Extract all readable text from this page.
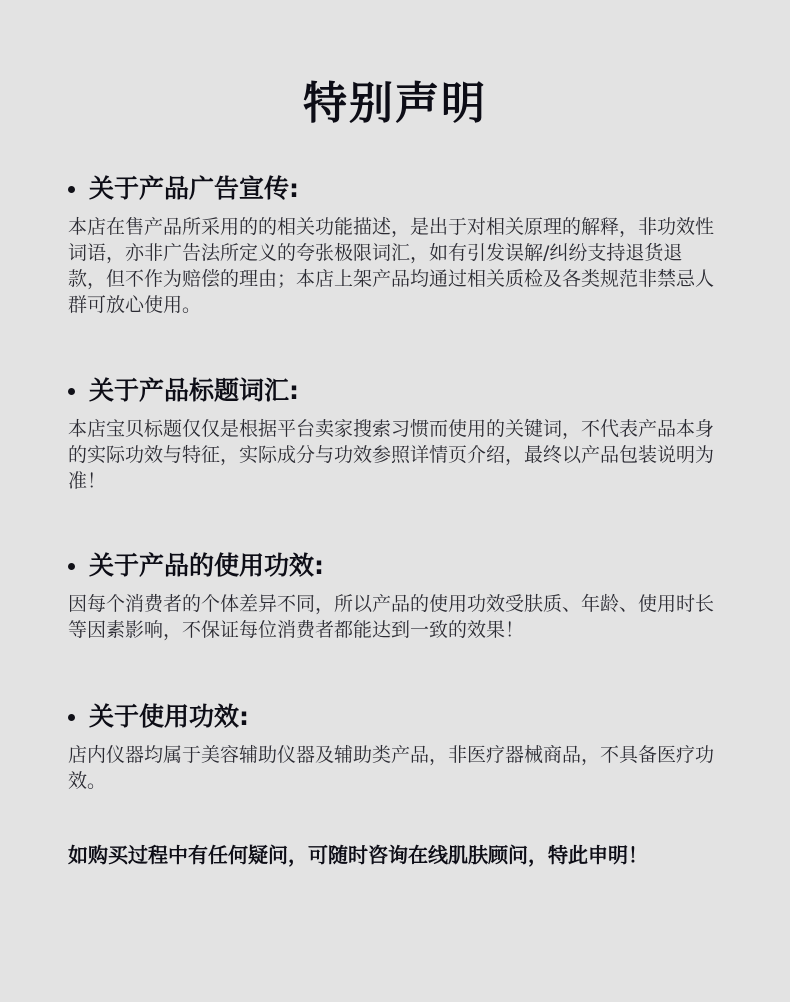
特别声明
关于产品广告宣传:
本店在售产品所采用的的相关功能描述，是出于对相关原理的解释，非功效性词语，亦非广告法所定义的夸张极限词汇，如有引发误解/纠纷支持退货退款，但不作为赔偿的理由；本店上架产品均通过相关质检及各类规范非禁忌人群可放心使用。
关于产品标题词汇:
本店宝贝标题仅仅是根据平台卖家搜索习惯而使用的关键词，不代表产品本身的实际功效与特征，实际成分与功效参照详情页介绍，最终以产品包装说明为准！
关于产品的使用功效:
因每个消费者的个体差异不同，所以产品的使用功效受肤质、年龄、使用时长等因素影响，不保证每位消费者都能达到一致的效果！
关于使用功效:
店内仪器均属于美容辅助仪器及辅助类产品，非医疗器械商品，不具备医疗功效。
如购买过程中有任何疑问，可随时咨询在线肌肤顾问，特此申明！
